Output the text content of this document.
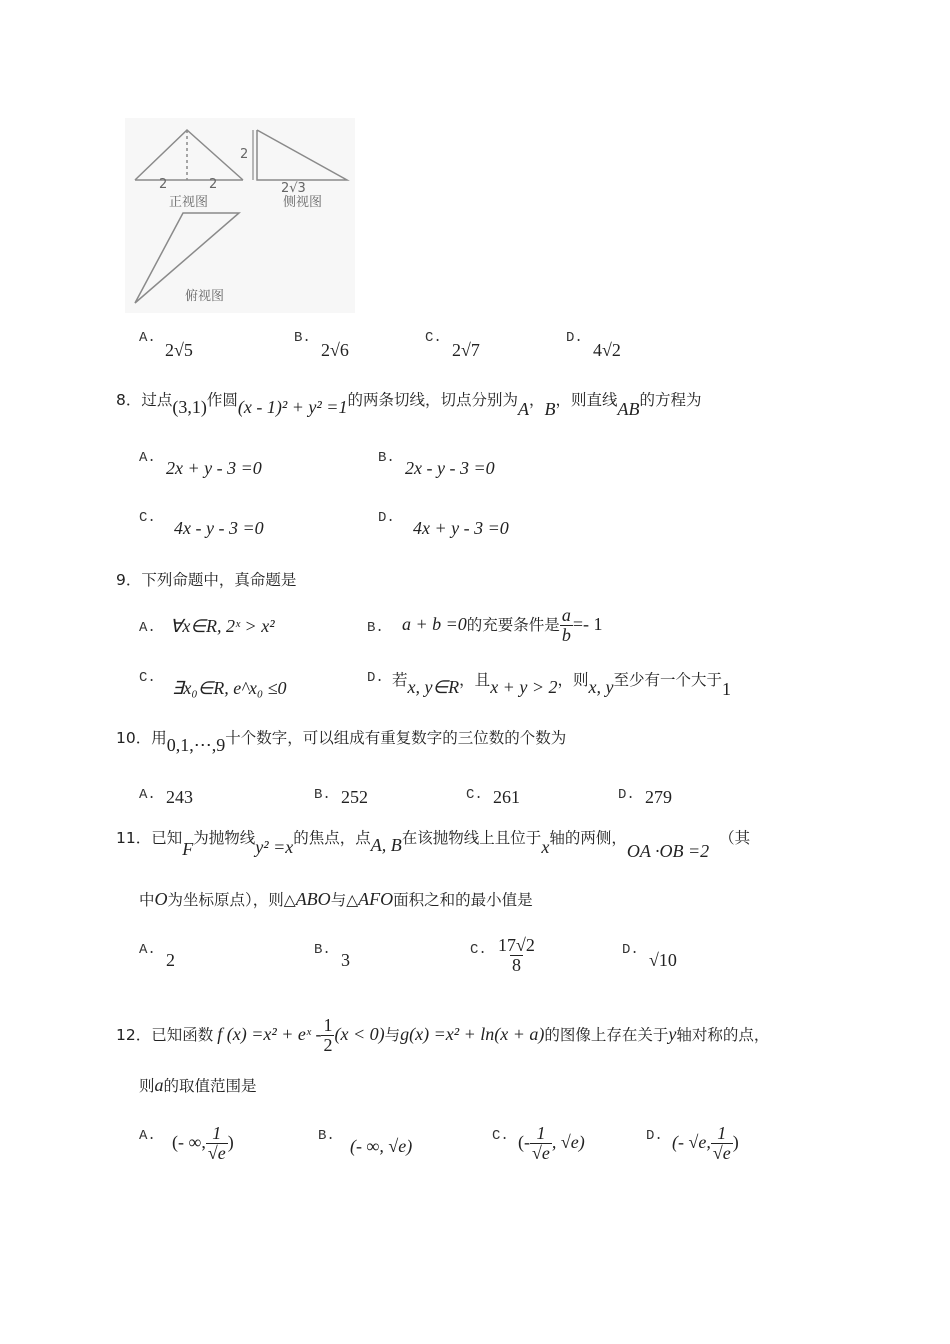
2	2
正视图
2
2√3
侧视图
俯视图
A.
2√5
B.
2√6
C.
2√7
D.
4√2
8．过点(3,1)作圆(x - 1)² + y² =1的两条切线，切点分别为A，B，则直线AB的方程为
A. 2x + y - 3 =0	B. 2x - y - 3 =0
C. 4x - y - 3 =0	D. 4x + y - 3 =0
9．下列命题中，真命题是
A. ∀x∈R, 2ˣ > x²	B. a + b =0的充要条件是 $\frac{a}{b} =- 1$
C. ∃x₀∈R, e^x₀ ≤0	D. 若x, y∈R，且x + y > 2，则x, y至少有一个大于1
10．用0,1,⋯,9十个数字，可以组成有重复数字的三位数的个数为
A. 243	B. 252	C. 261	D. 279
11．已知F为抛物线y² =x的焦点，点A, B在该抛物线上且位于x轴的两侧，OA ·OB =2（其
中O为坐标原点），则△ABO与△AFO面积之和的最小值是
A. 2	B. 3	C. $\frac{17√2}{8}$	D. √10
12．已知函数 f (x) =x² + eˣ - $\frac{1}{2} (x < 0)$与g(x) =x² + ln(x + a)的图像上存在关于y轴对称的点，
则a的取值范围是
A. (- ∞, $\frac{1}{√e}$ )	B. (- ∞, √e)	C. (- $\frac{1}{√e}$ , √e)	D. (- √e, $\frac{1}{√e}$ )
